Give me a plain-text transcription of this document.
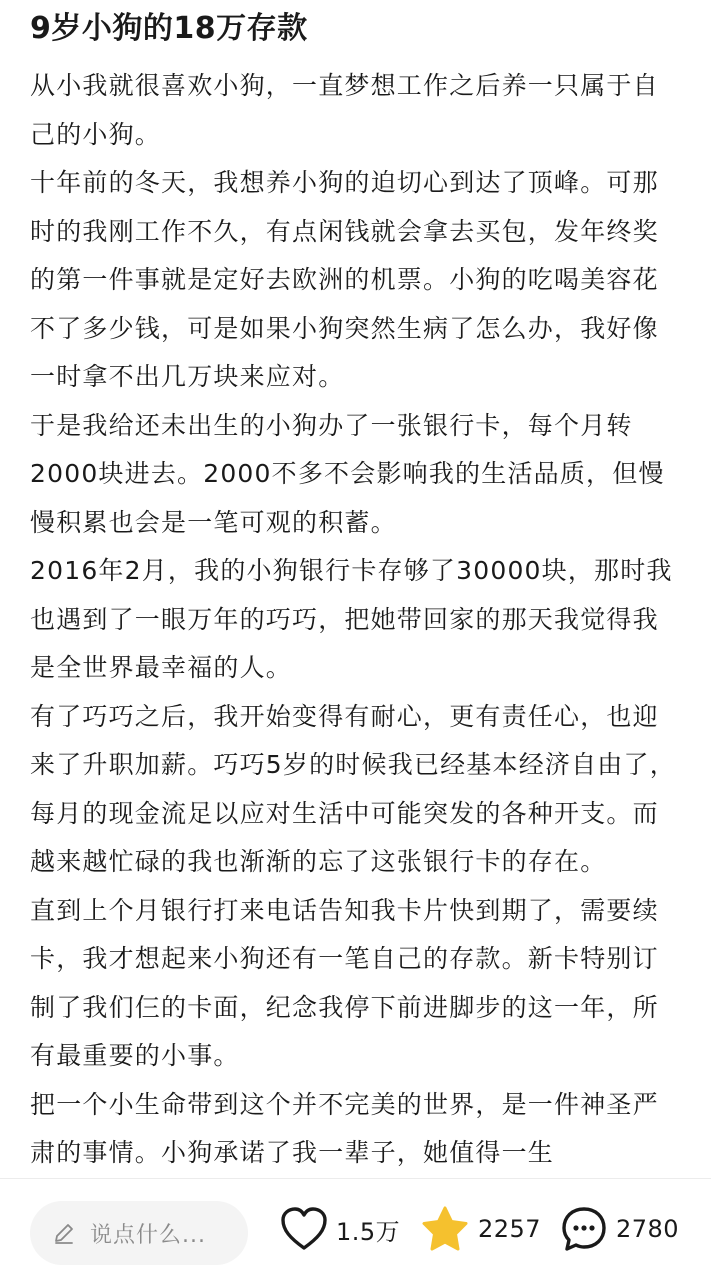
9岁小狗的18万存款

从小我就很喜欢小狗，一直梦想工作之后养一只属于自己的小狗。

十年前的冬天，我想养小狗的迫切心到达了顶峰。可那时的我刚工作不久，有点闲钱就会拿去买包，发年终奖的第一件事就是定好去欧洲的机票。小狗的吃喝美容花不了多少钱，可是如果小狗突然生病了怎么办，我好像一时拿不出几万块来应对。

于是我给还未出生的小狗办了一张银行卡，每个月转2000块进去。2000不多不会影响我的生活品质，但慢慢积累也会是一笔可观的积蓄。

2016年2月，我的小狗银行卡存够了30000块，那时我也遇到了一眼万年的巧巧，把她带回家的那天我觉得我是全世界最幸福的人。

有了巧巧之后，我开始变得有耐心，更有责任心，也迎来了升职加薪。巧巧5岁的时候我已经基本经济自由了，每月的现金流足以应对生活中可能突发的各种开支。而越来越忙碌的我也渐渐的忘了这张银行卡的存在。

直到上个月银行打来电话告知我卡片快到期了，需要续卡，我才想起来小狗还有一笔自己的存款。新卡特别订制了我们仨的卡面，纪念我停下前进脚步的这一年，所有最重要的小事。

把一个小生命带到这个并不完美的世界，是一件神圣严肃的事情。小狗承诺了我一辈子，她值得一生

说点什么...	1.5万	2257	2780
